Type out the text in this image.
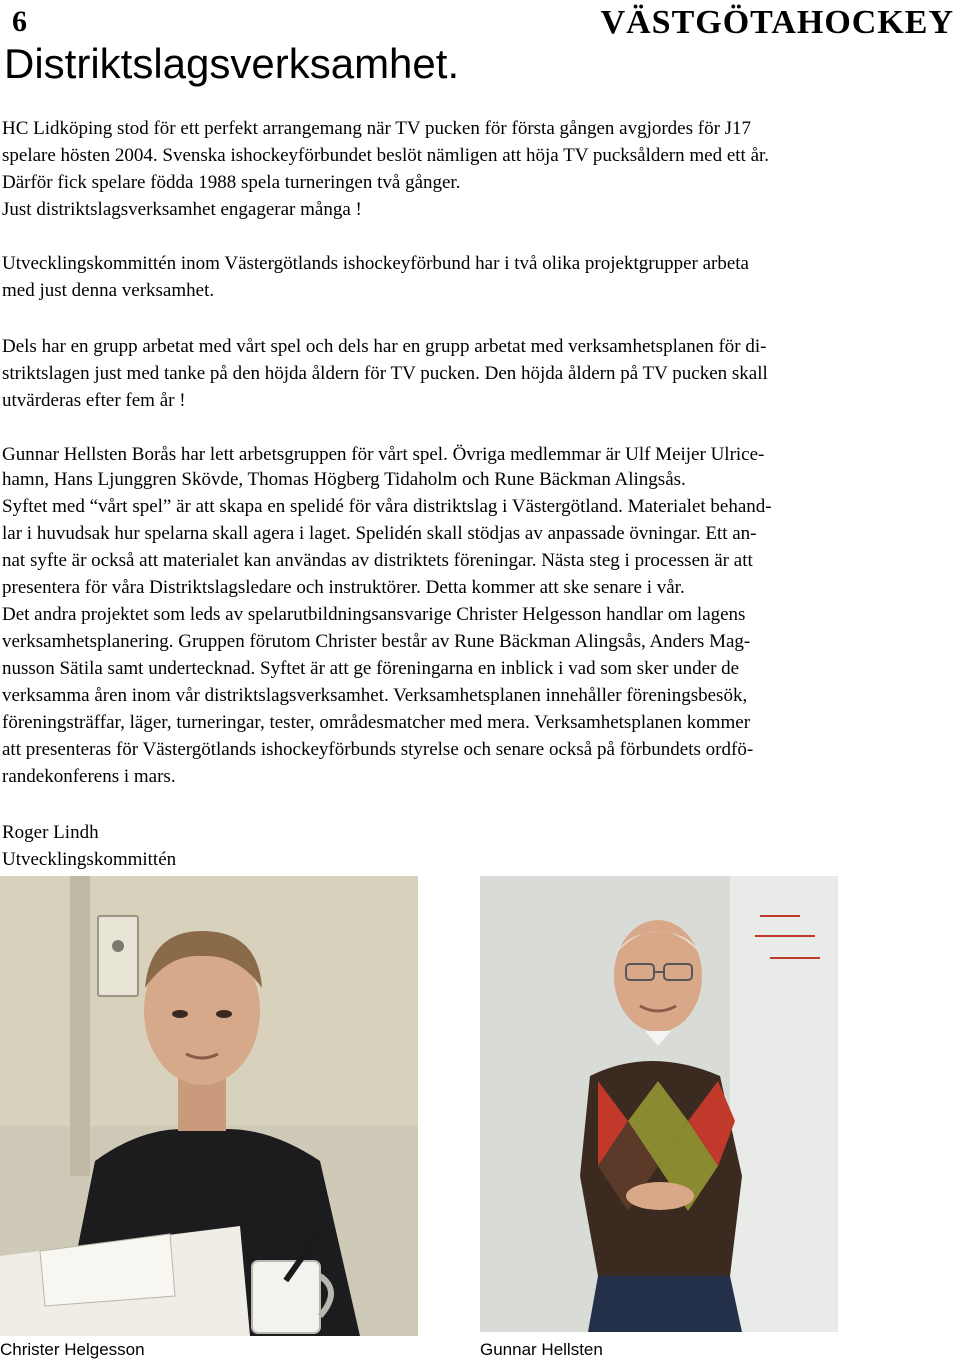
6	VÄSTGÖTAHOCKEY
Distriktslagsverksamhet.
HC Lidköping stod för ett perfekt arrangemang när TV pucken för första gången avgjordes för J17
spelare hösten 2004. Svenska ishockeyförbundet beslöt nämligen att höja TV pucksåldern med ett år.
Därför fick spelare födda 1988 spela turneringen två gånger.
Just distriktslagsverksamhet engagerar många !
Utvecklingskommittén inom Västergötlands ishockeyförbund har i två olika projektgrupper arbeta
med just denna verksamhet.
Dels har en grupp arbetat med vårt spel och dels har en grupp arbetat med verksamhetsplanen för di-
striktslagen just med tanke på den höjda åldern för TV pucken. Den höjda åldern på TV pucken skall
utvärderas efter fem år !
Gunnar Hellsten Borås har lett arbetsgruppen för vårt spel. Övriga medlemmar är Ulf Meijer Ulrice-
hamn, Hans Ljunggren Skövde, Thomas Högberg Tidaholm och Rune Bäckman Alingsås.
Syftet med “vårt spel” är att skapa en spelidé för våra distriktslag i Västergötland. Materialet behand-
lar i huvudsak hur spelarna skall agera i laget. Spelidén skall stödjas av anpassade övningar. Ett an-
nat syfte är också att materialet kan användas av distriktets föreningar. Nästa steg i processen är att
presentera för våra Distriktslagsledare och instruktörer. Detta kommer att ske senare i vår.
Det andra projektet som leds av spelarutbildningsansvarige Christer Helgesson handlar om lagens
verksamhetsplanering. Gruppen förutom Christer består av Rune Bäckman Alingsås, Anders Mag-
nusson Sätila samt undertecknad. Syftet är att ge föreningarna en inblick i vad som sker under de
verksamma åren inom vår distriktslagsverksamhet. Verksamhetsplanen innehåller föreningsbesök,
föreningsträffar, läger, turneringar, tester, områdesmatcher med mera. Verksamhetsplanen kommer
att presenteras för Västergötlands ishockeyförbunds styrelse och senare också på förbundets ordfö-
randekonferens i mars.
Roger Lindh
Utvecklingskommittén
Christer Helgesson	Gunnar Hellsten
